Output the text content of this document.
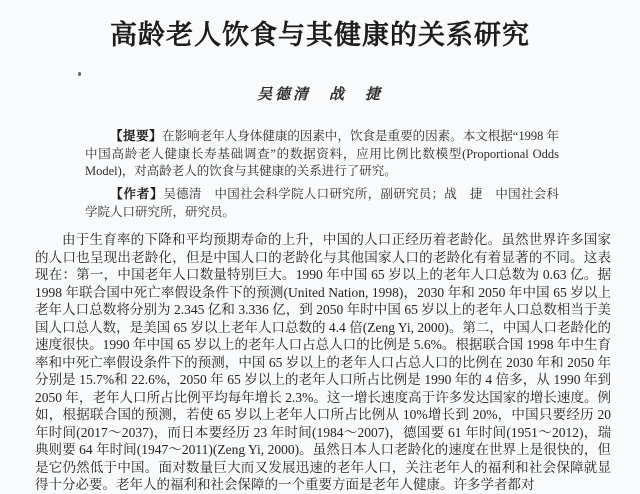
高龄老人饮食与其健康的关系研究
吴德清　战　捷

【提要】在影响老年人身体健康的因素中，饮食是重要的因素。本文根据“1998 年中国高龄老人健康长寿基础调查”的数据资料，应用比例比数模型(Proportional Odds Model)，对高龄老人的饮食与其健康的关系进行了研究。

【作者】吴德清　中国社会科学院人口研究所，副研究员；战　捷　中国社会科学院人口研究所，研究员。

由于生育率的下降和平均预期寿命的上升，中国的人口正经历着老龄化。虽然世界许多国家的人口也呈现出老龄化，但是中国人口的老龄化与其他国家人口的老龄化有着显著的不同。这表现在：第一，中国老年人口数量特别巨大。1990 年中国 65 岁以上的老年人口总数为 0.63 亿。据 1998 年联合国中死亡率假设条件下的预测(United Nation, 1998)，2030 年和 2050 年中国 65 岁以上老年人口总数将分别为 2.345 亿和 3.336 亿，到 2050 年时中国 65 岁以上的老年人口总数相当于美国人口总人数，是美国 65 岁以上老年人口总数的 4.4 倍(Zeng Yi, 2000)。第二，中国人口老龄化的速度很快。1990 年中国 65 岁以上的老年人口占总人口的比例是 5.6%。根据联合国 1998 年中生育率和中死亡率假设条件下的预测，中国 65 岁以上的老年人口占总人口的比例在 2030 年和 2050 年分别是 15.7%和 22.6%，2050 年 65 岁以上的老年人口所占比例是 1990 年的 4 倍多，从 1990 年到 2050 年，老年人口所占比例平均每年增长 2.3%。这一增长速度高于许多发达国家的增长速度。例如，根据联合国的预测，若使 65 岁以上老年人口所占比例从 10%增长到 20%，中国只要经历 20 年时间(2017～2037)，而日本要经历 23 年时间(1984～2007)，德国要 61 年时间(1951～2012)，瑞典则要 64 年时间(1947～2011)(Zeng Yi, 2000)。虽然日本人口老龄化的速度在世界上是很快的，但是它仍然低于中国。面对数量巨大而又发展迅速的老年人口，关注老年人的福利和社会保障就显得十分必要。老年人的福利和社会保障的一个重要方面是老年人健康。许多学者都对
